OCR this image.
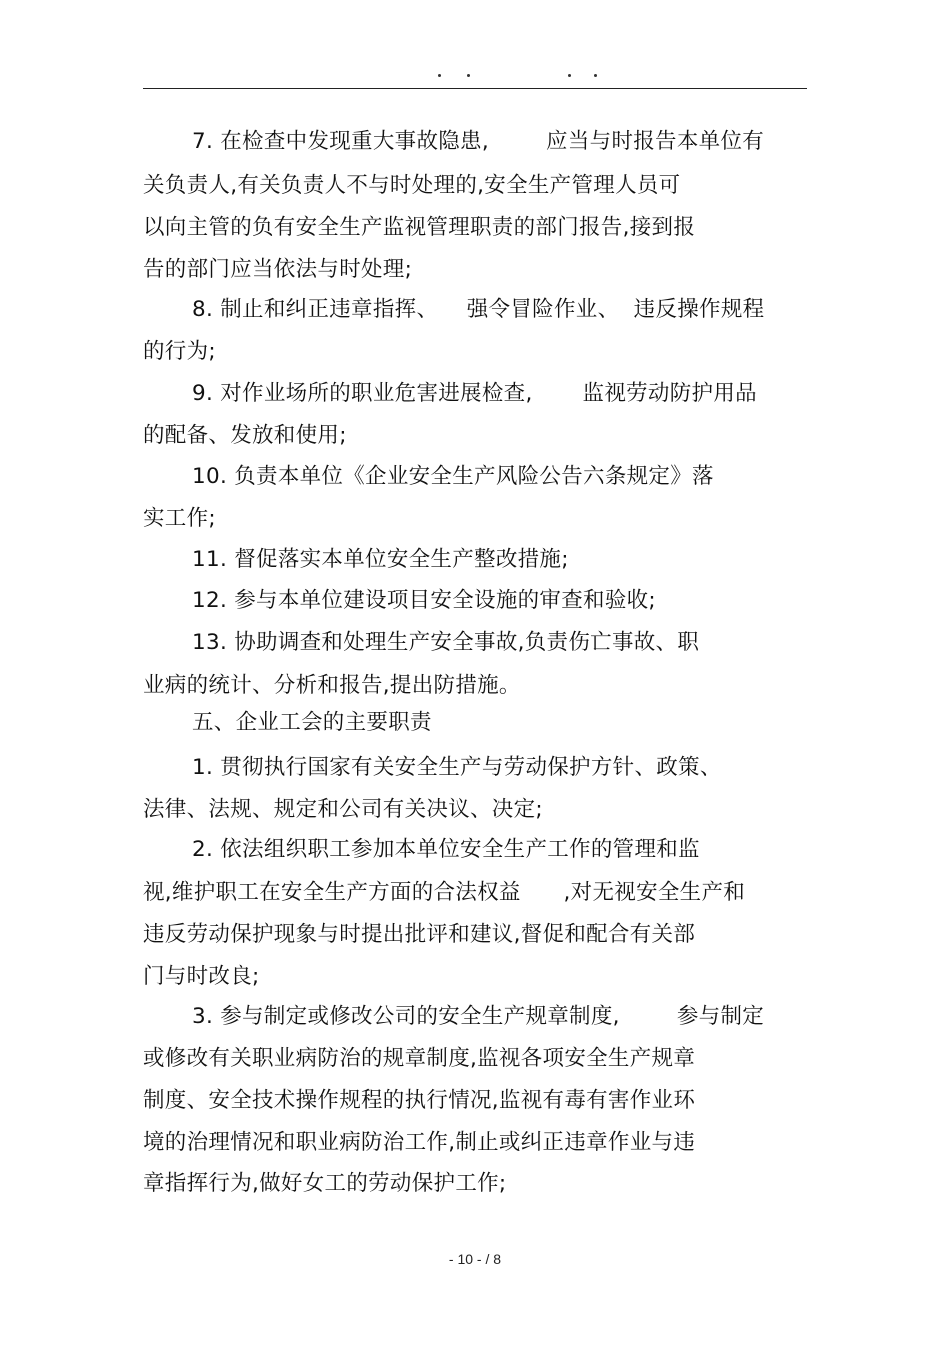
7. 在检查中发现重大事故隐患,        应当与时报告本单位有
关负责人,有关负责人不与时处理的,安全生产管理人员可
以向主管的负有安全生产监视管理职责的部门报告,接到报
告的部门应当依法与时处理;
8. 制止和纠正违章指挥、    强令冒险作业、  违反操作规程
的行为;
9. 对作业场所的职业危害进展检查,       监视劳动防护用品
的配备、发放和使用;
10. 负责本单位《企业安全生产风险公告六条规定》落
实工作;
11. 督促落实本单位安全生产整改措施;
12. 参与本单位建设项目安全设施的审查和验收;
13. 协助调查和处理生产安全事故,负责伤亡事故、职
业病的统计、分析和报告,提出防措施。
五、企业工会的主要职责
1. 贯彻执行国家有关安全生产与劳动保护方针、政策、
法律、法规、规定和公司有关决议、决定;
2. 依法组织职工参加本单位安全生产工作的管理和监
视,维护职工在安全生产方面的合法权益      ,对无视安全生产和
违反劳动保护现象与时提出批评和建议,督促和配合有关部
门与时改良;
3. 参与制定或修改公司的安全生产规章制度,        参与制定
或修改有关职业病防治的规章制度,监视各项安全生产规章
制度、安全技术操作规程的执行情况,监视有毒有害作业环
境的治理情况和职业病防治工作,制止或纠正违章作业与违
章指挥行为,做好女工的劳动保护工作;
- 10 - / 8
